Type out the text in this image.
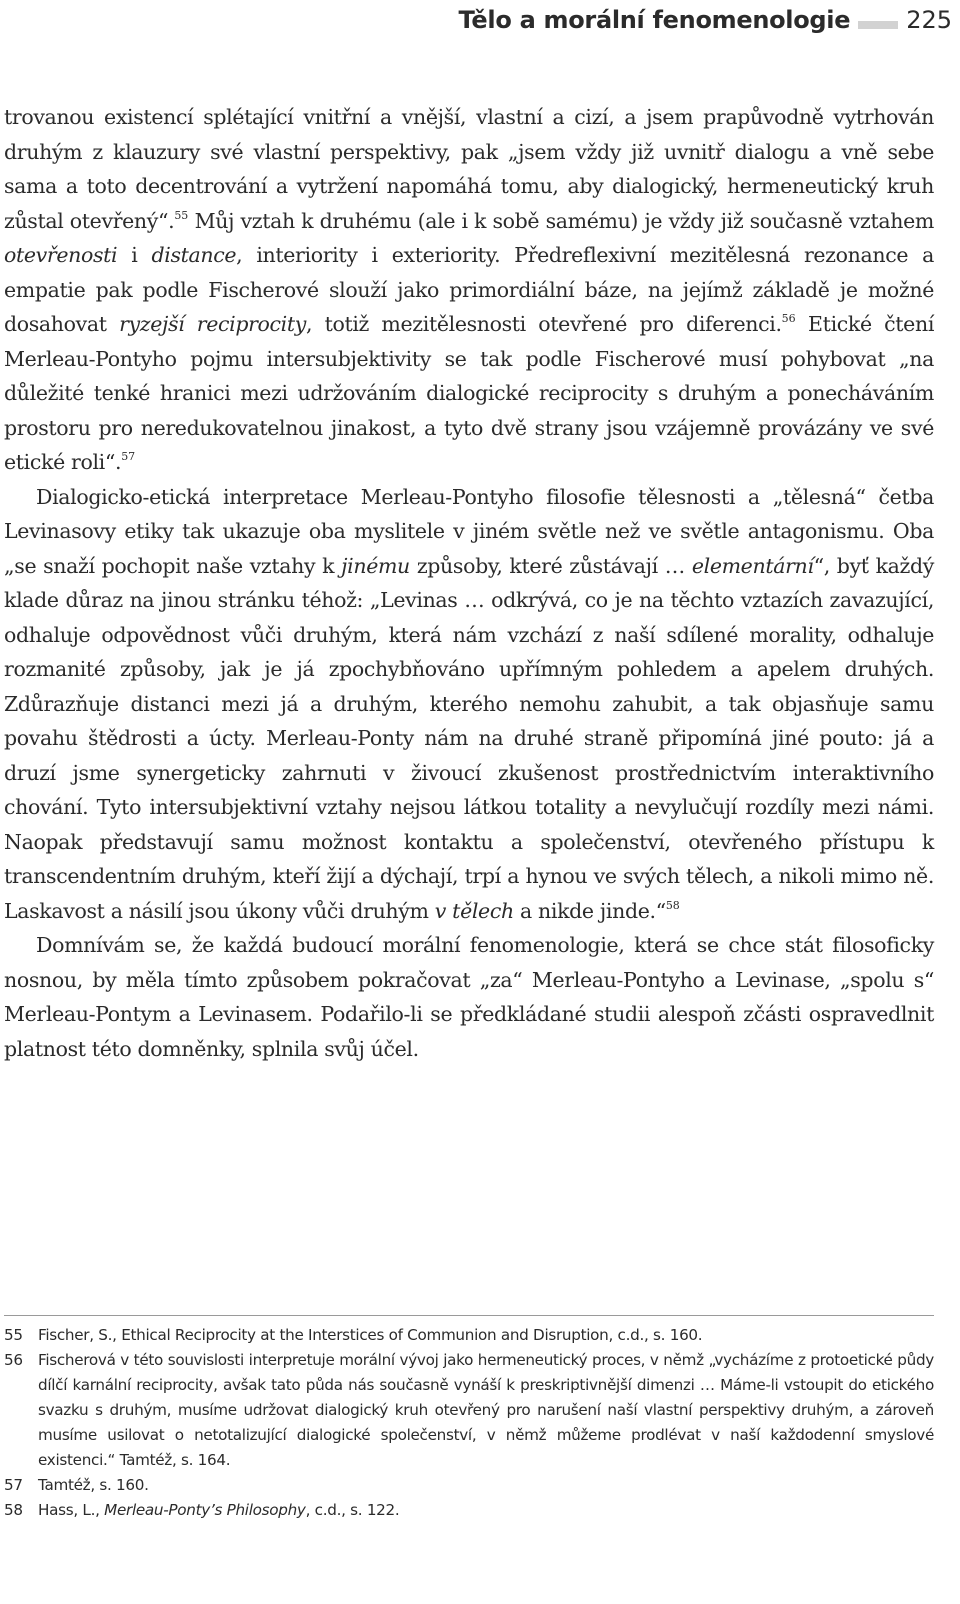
Tělo a morální fenomenologie 225

trovanou existencí splétající vnitřní a vnější, vlastní a cizí, a jsem prapůvodně vytrhován druhým z klauzury své vlastní perspektivy, pak „jsem vždy již uvnitř dialogu a vně sebe sama a toto decentrování a vytržení napomáhá tomu, aby dialogický, hermeneutický kruh zůstal otevřený“.$^{55}$ Můj vztah k druhému (ale i k sobě samému) je vždy již současně vztahem otevřenosti i distance, interiority i exteriority. Předreflexivní mezitělesná rezonance a empatie pak podle Fischerové slouží jako primordiální báze, na jejímž základě je možné dosahovat ryzejší reciprocity, totiž mezitělesnosti otevřené pro diferenci.$^{56}$ Etické čtení Merleau-Pontyho pojmu intersubjektivity se tak podle Fischerové musí pohybovat „na důležité tenké hranici mezi udržováním dialogické reciprocity s druhým a ponecháváním prostoru pro neredukovatelnou jinakost, a tyto dvě strany jsou vzájemně provázány ve své etické roli“.$^{57}$

Dialogicko-etická interpretace Merleau-Pontyho filosofie tělesnosti a „tělesná“ četba Levinasovy etiky tak ukazuje oba myslitele v jiném světle než ve světle antagonismu. Oba „se snaží pochopit naše vztahy k jinému způsoby, které zůstávají … elementární“, byť každý klade důraz na jinou stránku téhož: „Levinas … odkrývá, co je na těchto vztazích zavazující, odhaluje odpovědnost vůči druhým, která nám vzchází z naší sdílené morality, odhaluje rozmanité způsoby, jak je já zpochybňováno upřímným pohledem a apelem druhých. Zdůrazňuje distanci mezi já a druhým, kterého nemohu zahubit, a tak objasňuje samu povahu štědrosti a úcty. Merleau-Ponty nám na druhé straně připomíná jiné pouto: já a druzí jsme synergeticky zahrnuti v živoucí zkušenost prostřednictvím interaktivního chování. Tyto intersubjektivní vztahy nejsou látkou totality a nevylučují rozdíly mezi námi. Naopak představují samu možnost kontaktu a společenství, otevřeného přístupu k transcendentním druhým, kteří žijí a dýchají, trpí a hynou ve svých tělech, a nikoli mimo ně. Laskavost a násilí jsou úkony vůči druhým v tělech a nikde jinde.“$^{58}$

Domnívám se, že každá budoucí morální fenomenologie, která se chce stát filosoficky nosnou, by měla tímto způsobem pokračovat „za“ Merleau-Pontyho a Levinase, „spolu s“ Merleau-Pontym a Levinasem. Podařilo-li se předkládané studii alespoň zčásti ospravedlnit platnost této domněnky, splnila svůj účel.

55	Fischer, S., Ethical Reciprocity at the Interstices of Communion and Disruption, c.d., s. 160.
56	Fischerová v této souvislosti interpretuje morální vývoj jako hermeneutický proces, v němž „vycházíme z protoetické půdy dílčí karnální reciprocity, avšak tato půda nás současně vynáší k preskriptivnější dimenzi … Máme-li vstoupit do etického svazku s druhým, musíme udržovat dialogický kruh otevřený pro narušení naší vlastní perspektivy druhým, a zároveň musíme usilovat o netotalizující dialogické společenství, v němž můžeme prodlévat v naší každodenní smyslové existenci.“ Tamtéž, s. 164.
57	Tamtéž, s. 160.
58	Hass, L., Merleau-Ponty’s Philosophy, c.d., s. 122.
